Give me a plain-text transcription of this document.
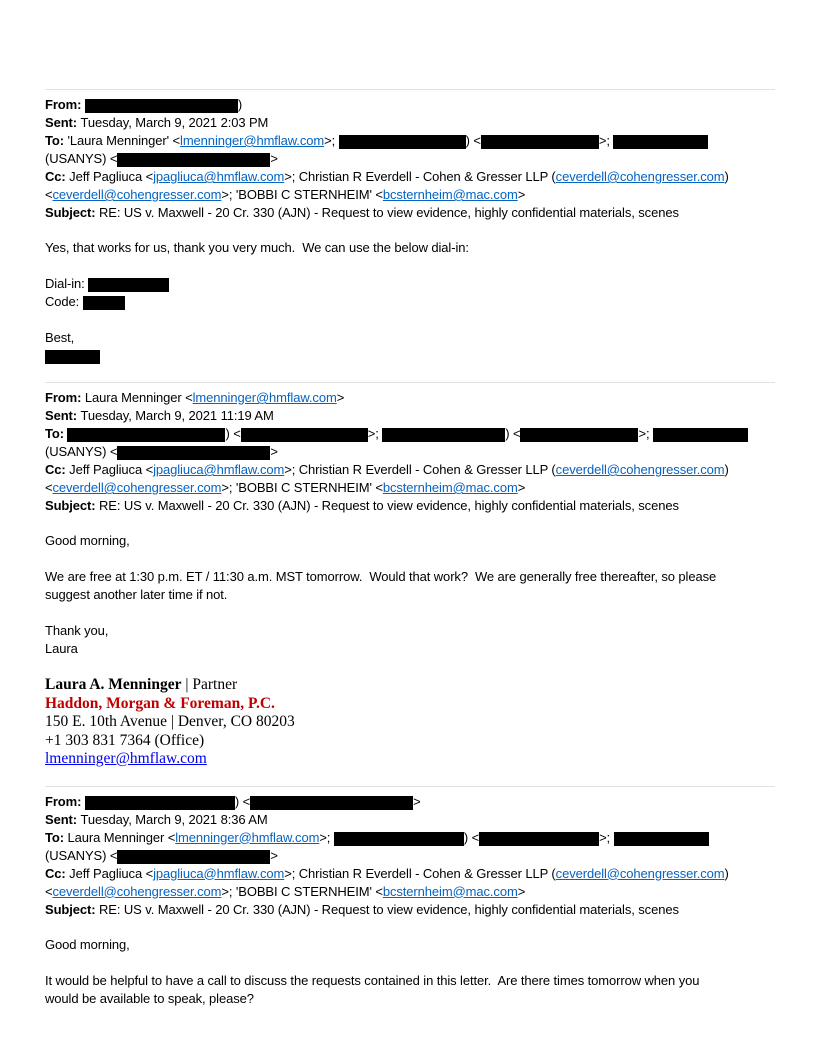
From:	)

Sent: Tuesday, March 9, 2021 2:03 PM

To: 'Laura Menninger' <lmenninger@hmflaw.com>;	) <	>;
(USANYS) <	>

Cc: Jeff Pagliuca <jpagliuca@hmflaw.com>; Christian R Everdell - Cohen & Gresser LLP (ceverdell@cohengresser.com)
<ceverdell@cohengresser.com>; 'BOBBI C STERNHEIM' <bcsternheim@mac.com>

Subject: RE: US v. Maxwell - 20 Cr. 330 (AJN) - Request to view evidence, highly confidential materials, scenes

Yes, that works for us, thank you very much.  We can use the below dial-in:

Dial-in:

Code:

Best,

From: Laura Menninger <lmenninger@hmflaw.com>

Sent: Tuesday, March 9, 2021 11:19 AM

To:	) <	>;	) <	>;
(USANYS) <	>

Cc: Jeff Pagliuca <jpagliuca@hmflaw.com>; Christian R Everdell - Cohen & Gresser LLP (ceverdell@cohengresser.com)
<ceverdell@cohengresser.com>; 'BOBBI C STERNHEIM' <bcsternheim@mac.com>

Subject: RE: US v. Maxwell - 20 Cr. 330 (AJN) - Request to view evidence, highly confidential materials, scenes

Good morning,

We are free at 1:30 p.m. ET / 11:30 a.m. MST tomorrow.  Would that work?  We are generally free thereafter, so please
suggest another later time if not.

Thank you,

Laura

Laura A. Menninger | Partner

Haddon, Morgan & Foreman, P.C.

150 E. 10th Avenue | Denver, CO 80203

+1 303 831 7364 (Office)

lmenninger@hmflaw.com

From:	) <	>

Sent: Tuesday, March 9, 2021 8:36 AM

To: Laura Menninger <lmenninger@hmflaw.com>;	) <	>;
(USANYS) <	>

Cc: Jeff Pagliuca <jpagliuca@hmflaw.com>; Christian R Everdell - Cohen & Gresser LLP (ceverdell@cohengresser.com)
<ceverdell@cohengresser.com>; 'BOBBI C STERNHEIM' <bcsternheim@mac.com>

Subject: RE: US v. Maxwell - 20 Cr. 330 (AJN) - Request to view evidence, highly confidential materials, scenes

Good morning,

It would be helpful to have a call to discuss the requests contained in this letter.  Are there times tomorrow when you
would be available to speak, please?
